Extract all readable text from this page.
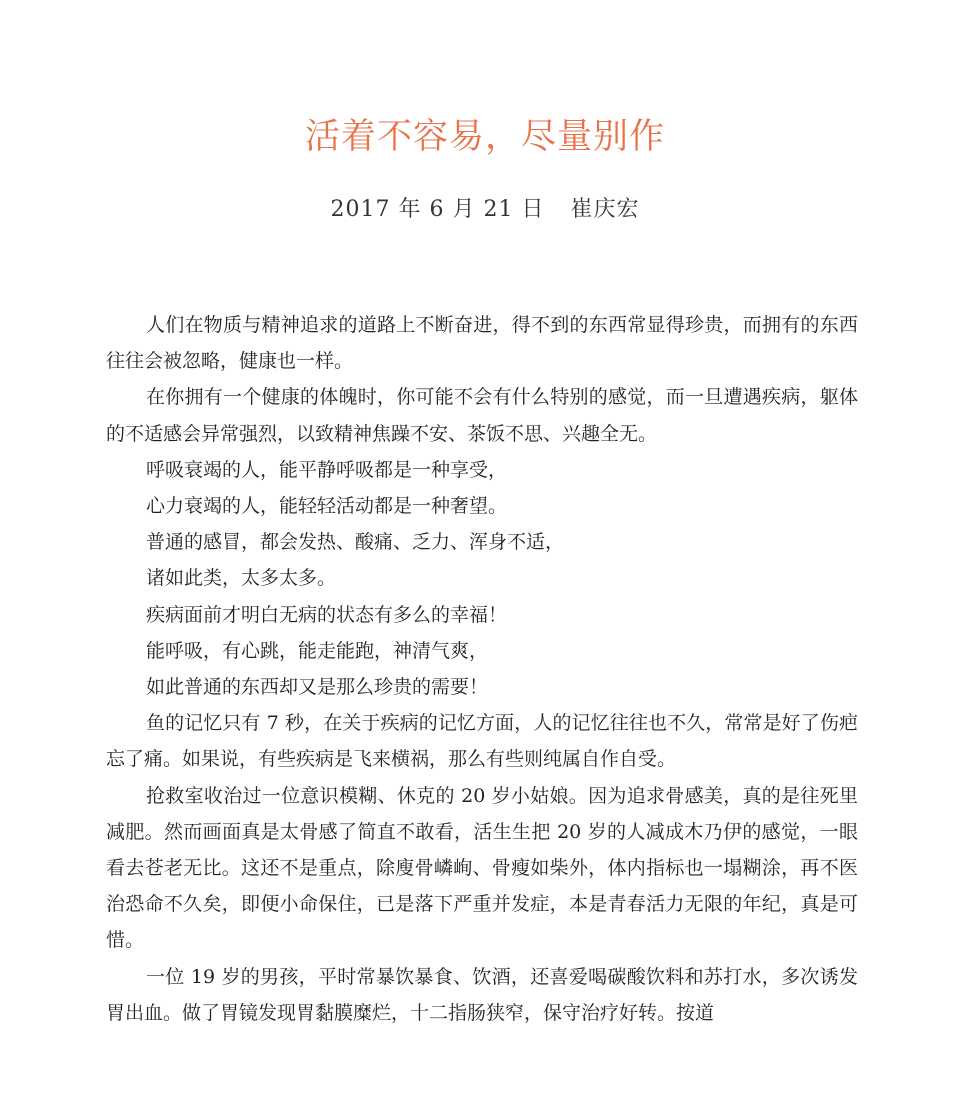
活着不容易，尽量别作
2017 年 6 月 21 日 崔庆宏

人们在物质与精神追求的道路上不断奋进，得不到的东西常显得珍贵，而拥有的东西往往会被忽略，健康也一样。

在你拥有一个健康的体魄时，你可能不会有什么特别的感觉，而一旦遭遇疾病，躯体的不适感会异常强烈，以致精神焦躁不安、茶饭不思、兴趣全无。

呼吸衰竭的人，能平静呼吸都是一种享受，

心力衰竭的人，能轻轻活动都是一种奢望。

普通的感冒，都会发热、酸痛、乏力、浑身不适，

诸如此类，太多太多。

疾病面前才明白无病的状态有多么的幸福！

能呼吸，有心跳，能走能跑，神清气爽，

如此普通的东西却又是那么珍贵的需要！

鱼的记忆只有 7 秒，在关于疾病的记忆方面，人的记忆往往也不久，常常是好了伤疤忘了痛。如果说，有些疾病是飞来横祸，那么有些则纯属自作自受。

抢救室收治过一位意识模糊、休克的 20 岁小姑娘。因为追求骨感美，真的是往死里减肥。然而画面真是太骨感了简直不敢看，活生生把 20 岁的人减成木乃伊的感觉，一眼看去苍老无比。这还不是重点，除廋骨嶙峋、骨瘦如柴外，体内指标也一塌糊涂，再不医治恐命不久矣，即便小命保住，已是落下严重并发症，本是青春活力无限的年纪，真是可惜。

一位 19 岁的男孩，平时常暴饮暴食、饮酒，还喜爱喝碳酸饮料和苏打水，多次诱发胃出血。做了胃镜发现胃黏膜糜烂，十二指肠狭窄，保守治疗好转。按道
